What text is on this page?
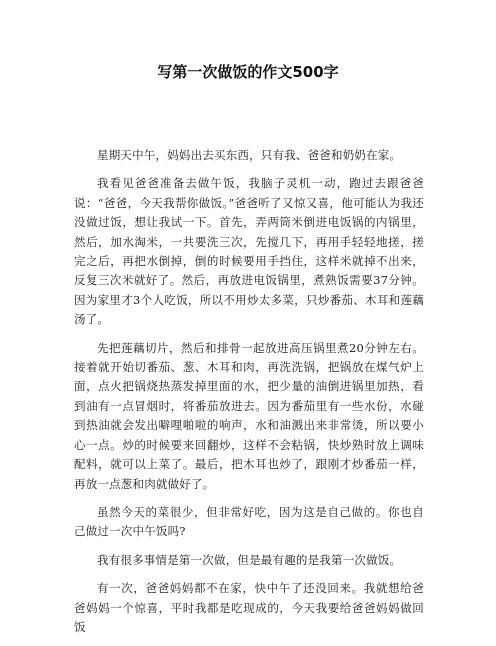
写第一次做饭的作文500字

星期天中午，妈妈出去买东西，只有我、爸爸和奶奶在家。

我看见爸爸准备去做午饭，我脑子灵机一动，跑过去跟爸爸说：“爸爸，今天我帮你做饭。”爸爸听了又惊又喜，他可能认为我还没做过饭，想让我试一下。首先，弄两筒米倒进电饭锅的内锅里，然后，加水淘米，一共要洗三次，先搅几下，再用手轻轻地搓，搓完之后，再把水倒掉，倒的时候要用手挡住，这样米就掉不出来，反复三次米就好了。然后，再放进电饭锅里，煮熟饭需要37分钟。因为家里才3个人吃饭，所以不用炒太多菜，只炒番茄、木耳和莲藕汤了。

先把莲藕切片，然后和排骨一起放进高压锅里煮20分钟左右。接着就开始切番茄、葱、木耳和肉，再洗洗锅，把锅放在煤气炉上面，点火把锅烧热蒸发掉里面的水，把少量的油倒进锅里加热，看到油有一点冒烟时，将番茄放进去。因为番茄里有一些水份，水碰到热油就会发出噼哩啪啦的响声，水和油溅出来非常烫，所以要小心一点。炒的时候要来回翻炒，这样不会粘锅，快炒熟时放上调味配料，就可以上菜了。最后，把木耳也炒了，跟刚才炒番茄一样，再放一点葱和肉就做好了。

虽然今天的菜很少，但非常好吃，因为这是自己做的。你也自己做过一次中午饭吗?

我有很多事情是第一次做，但是最有趣的是我第一次做饭。

有一次，爸爸妈妈都不在家，快中午了还没回来。我就想给爸爸妈妈一个惊喜，平时我都是吃现成的，今天我要给爸爸妈妈做回饭
